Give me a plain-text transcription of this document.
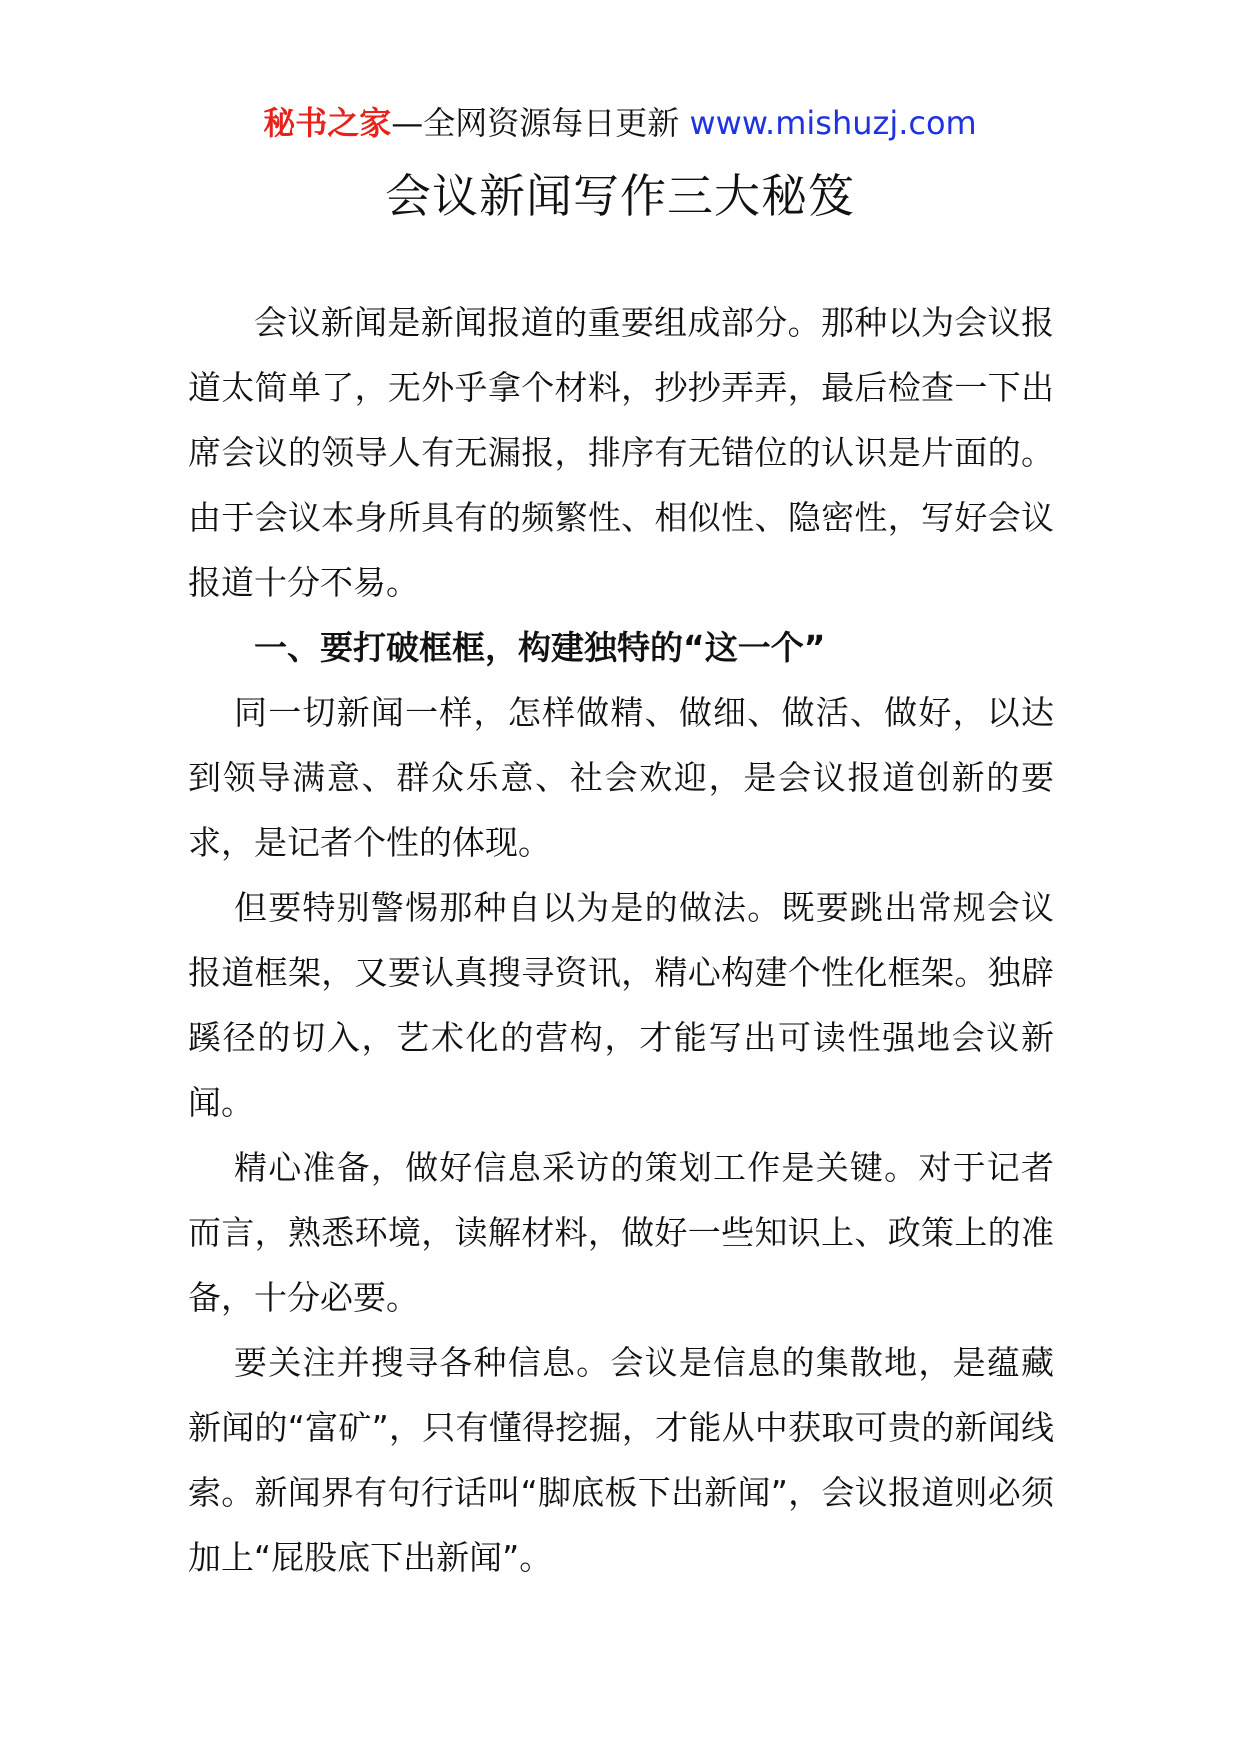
秘书之家—全网资源每日更新 www.mishuzj.com
会议新闻写作三大秘笈

会议新闻是新闻报道的重要组成部分。那种以为会议报道太简单了，无外乎拿个材料，抄抄弄弄，最后检查一下出席会议的领导人有无漏报，排序有无错位的认识是片面的。由于会议本身所具有的频繁性、相似性、隐密性，写好会议报道十分不易。

一、要打破框框，构建独特的“这一个”

同一切新闻一样，怎样做精、做细、做活、做好，以达到领导满意、群众乐意、社会欢迎，是会议报道创新的要求，是记者个性的体现。

但要特别警惕那种自以为是的做法。既要跳出常规会议报道框架，又要认真搜寻资讯，精心构建个性化框架。独辟蹊径的切入，艺术化的营构，才能写出可读性强地会议新闻。

精心准备，做好信息采访的策划工作是关键。对于记者而言，熟悉环境，读解材料，做好一些知识上、政策上的准备，十分必要。

要关注并搜寻各种信息。会议是信息的集散地，是蕴藏新闻的“富矿”，只有懂得挖掘，才能从中获取可贵的新闻线索。新闻界有句行话叫“脚底板下出新闻”，会议报道则必须加上“屁股底下出新闻”。
